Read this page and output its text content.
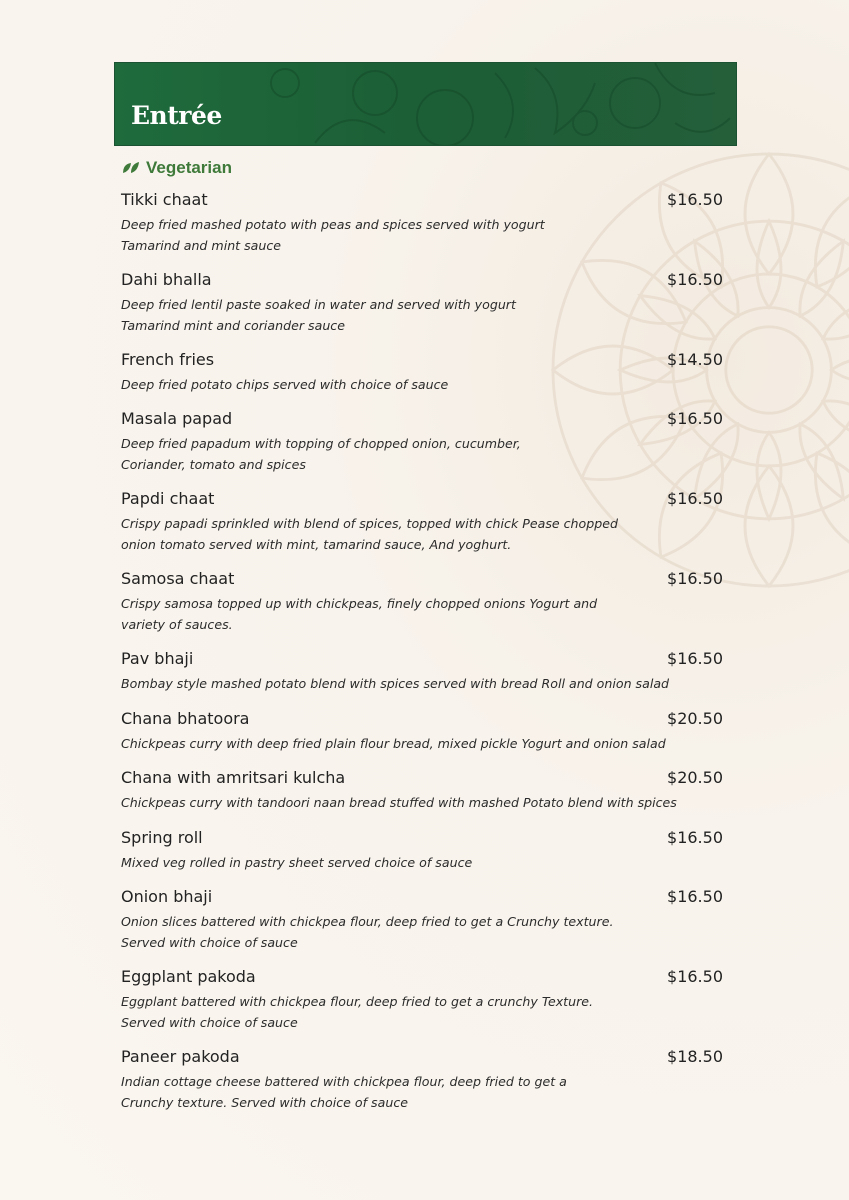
Entrée
Vegetarian
Tikki chaat	$16.50
Deep fried mashed potato with peas and spices served with yogurt
Tamarind and mint sauce
Dahi bhalla	$16.50
Deep fried lentil paste soaked in water and served with yogurt
Tamarind mint and coriander sauce
French fries	$14.50
Deep fried potato chips served with choice of sauce
Masala papad	$16.50
Deep fried papadum with topping of chopped onion, cucumber,
Coriander, tomato and spices
Papdi chaat	$16.50
Crispy papadi sprinkled with blend of spices, topped with chick Pease chopped
onion tomato served with mint, tamarind sauce, And yoghurt.
Samosa chaat	$16.50
Crispy samosa topped up with chickpeas, finely chopped onions Yogurt and
variety of sauces.
Pav bhaji	$16.50
Bombay style mashed potato blend with spices served with bread Roll and onion salad
Chana bhatoora	$20.50
Chickpeas curry with deep fried plain flour bread, mixed pickle Yogurt and onion salad
Chana with amritsari kulcha	$20.50
Chickpeas curry with tandoori naan bread stuffed with mashed Potato blend with spices
Spring roll	$16.50
Mixed veg rolled in pastry sheet served choice of sauce
Onion bhaji	$16.50
Onion slices battered with chickpea flour, deep fried to get a Crunchy texture.
Served with choice of sauce
Eggplant pakoda	$16.50
Eggplant battered with chickpea flour, deep fried to get a crunchy Texture.
Served with choice of sauce
Paneer pakoda	$18.50
Indian cottage cheese battered with chickpea flour, deep fried to get a
Crunchy texture. Served with choice of sauce
